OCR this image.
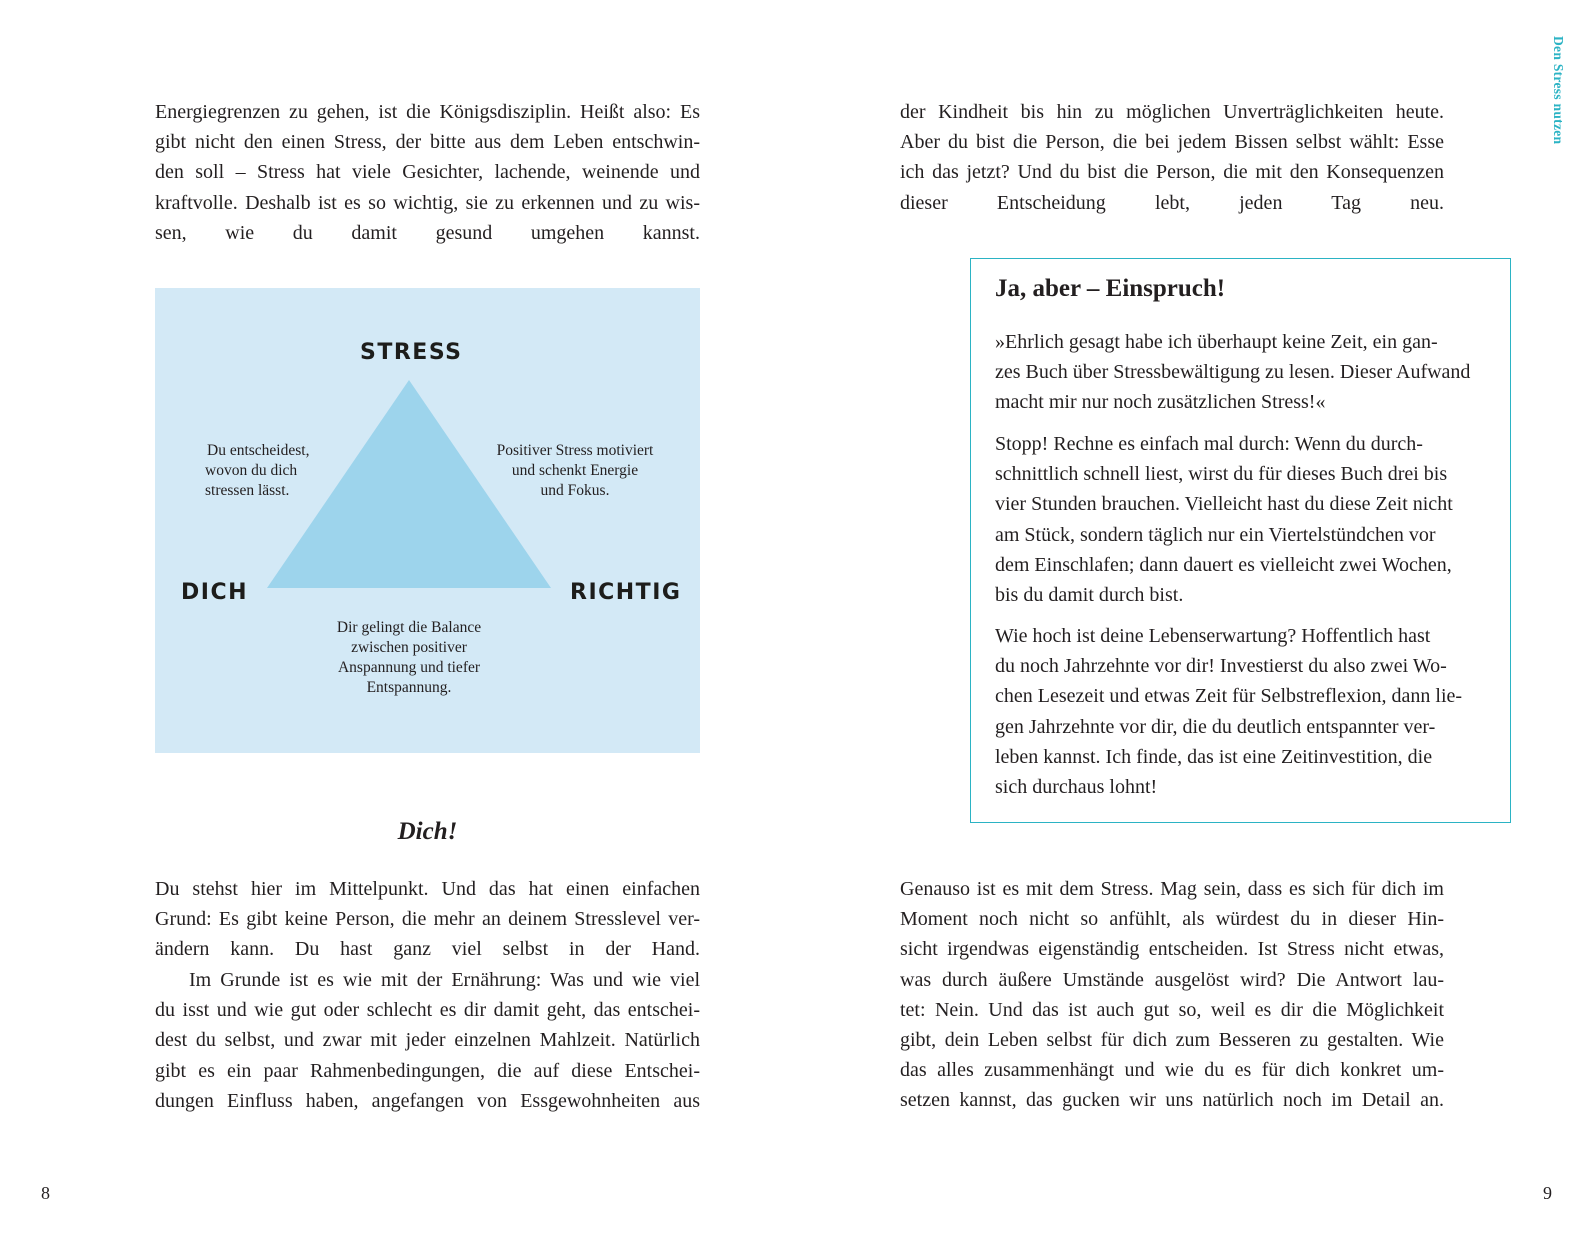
Energiegrenzen zu gehen, ist die Königsdisziplin. Heißt also: Es
gibt nicht den einen Stress, der bitte aus dem Leben entschwin-
den soll – Stress hat viele Gesichter, lachende, weinende und
kraftvolle. Deshalb ist es so wichtig, sie zu erkennen und zu wis-
sen, wie du damit gesund umgehen kannst.

STRESS

DICH	RICHTIG

Du entscheidest,
wovon du dich
stressen lässt.

Positiver Stress motiviert
und schenkt Energie
und Fokus.

Dir gelingt die Balance
zwischen positiver
Anspannung und tiefer
Entspannung.

Dich!

Du stehst hier im Mittelpunkt. Und das hat einen einfachen
Grund: Es gibt keine Person, die mehr an deinem Stresslevel ver-
ändern kann. Du hast ganz viel selbst in der Hand.

Im Grunde ist es wie mit der Ernährung: Was und wie viel
du isst und wie gut oder schlecht es dir damit geht, das entschei-
dest du selbst, und zwar mit jeder einzelnen Mahlzeit. Natürlich
gibt es ein paar Rahmenbedingungen, die auf diese Entschei-
dungen Einfluss haben, angefangen von Essgewohnheiten aus

8

Den Stress nutzen

der Kindheit bis hin zu möglichen Unverträglichkeiten heute.
Aber du bist die Person, die bei jedem Bissen selbst wählt: Esse
ich das jetzt? Und du bist die Person, die mit den Konsequenzen
dieser Entscheidung lebt, jeden Tag neu.

Ja, aber – Einspruch!

»Ehrlich gesagt habe ich überhaupt keine Zeit, ein gan-
zes Buch über Stressbewältigung zu lesen. Dieser Aufwand
macht mir nur noch zusätzlichen Stress!«

Stopp! Rechne es einfach mal durch: Wenn du durch-
schnittlich schnell liest, wirst du für dieses Buch drei bis
vier Stunden brauchen. Vielleicht hast du diese Zeit nicht
am Stück, sondern täglich nur ein Viertelstündchen vor
dem Einschlafen; dann dauert es vielleicht zwei Wochen,
bis du damit durch bist.

Wie hoch ist deine Lebenserwartung? Hoffentlich hast
du noch Jahrzehnte vor dir! Investierst du also zwei Wo-
chen Lesezeit und etwas Zeit für Selbstreflexion, dann lie-
gen Jahrzehnte vor dir, die du deutlich entspannter ver-
leben kannst. Ich finde, das ist eine Zeitinvestition, die
sich durchaus lohnt!

Genauso ist es mit dem Stress. Mag sein, dass es sich für dich im
Moment noch nicht so anfühlt, als würdest du in dieser Hin-
sicht irgendwas eigenständig entscheiden. Ist Stress nicht etwas,
was durch äußere Umstände ausgelöst wird? Die Antwort lau-
tet: Nein. Und das ist auch gut so, weil es dir die Möglichkeit
gibt, dein Leben selbst für dich zum Besseren zu gestalten. Wie
das alles zusammenhängt und wie du es für dich konkret um-
setzen kannst, das gucken wir uns natürlich noch im Detail an.

9
